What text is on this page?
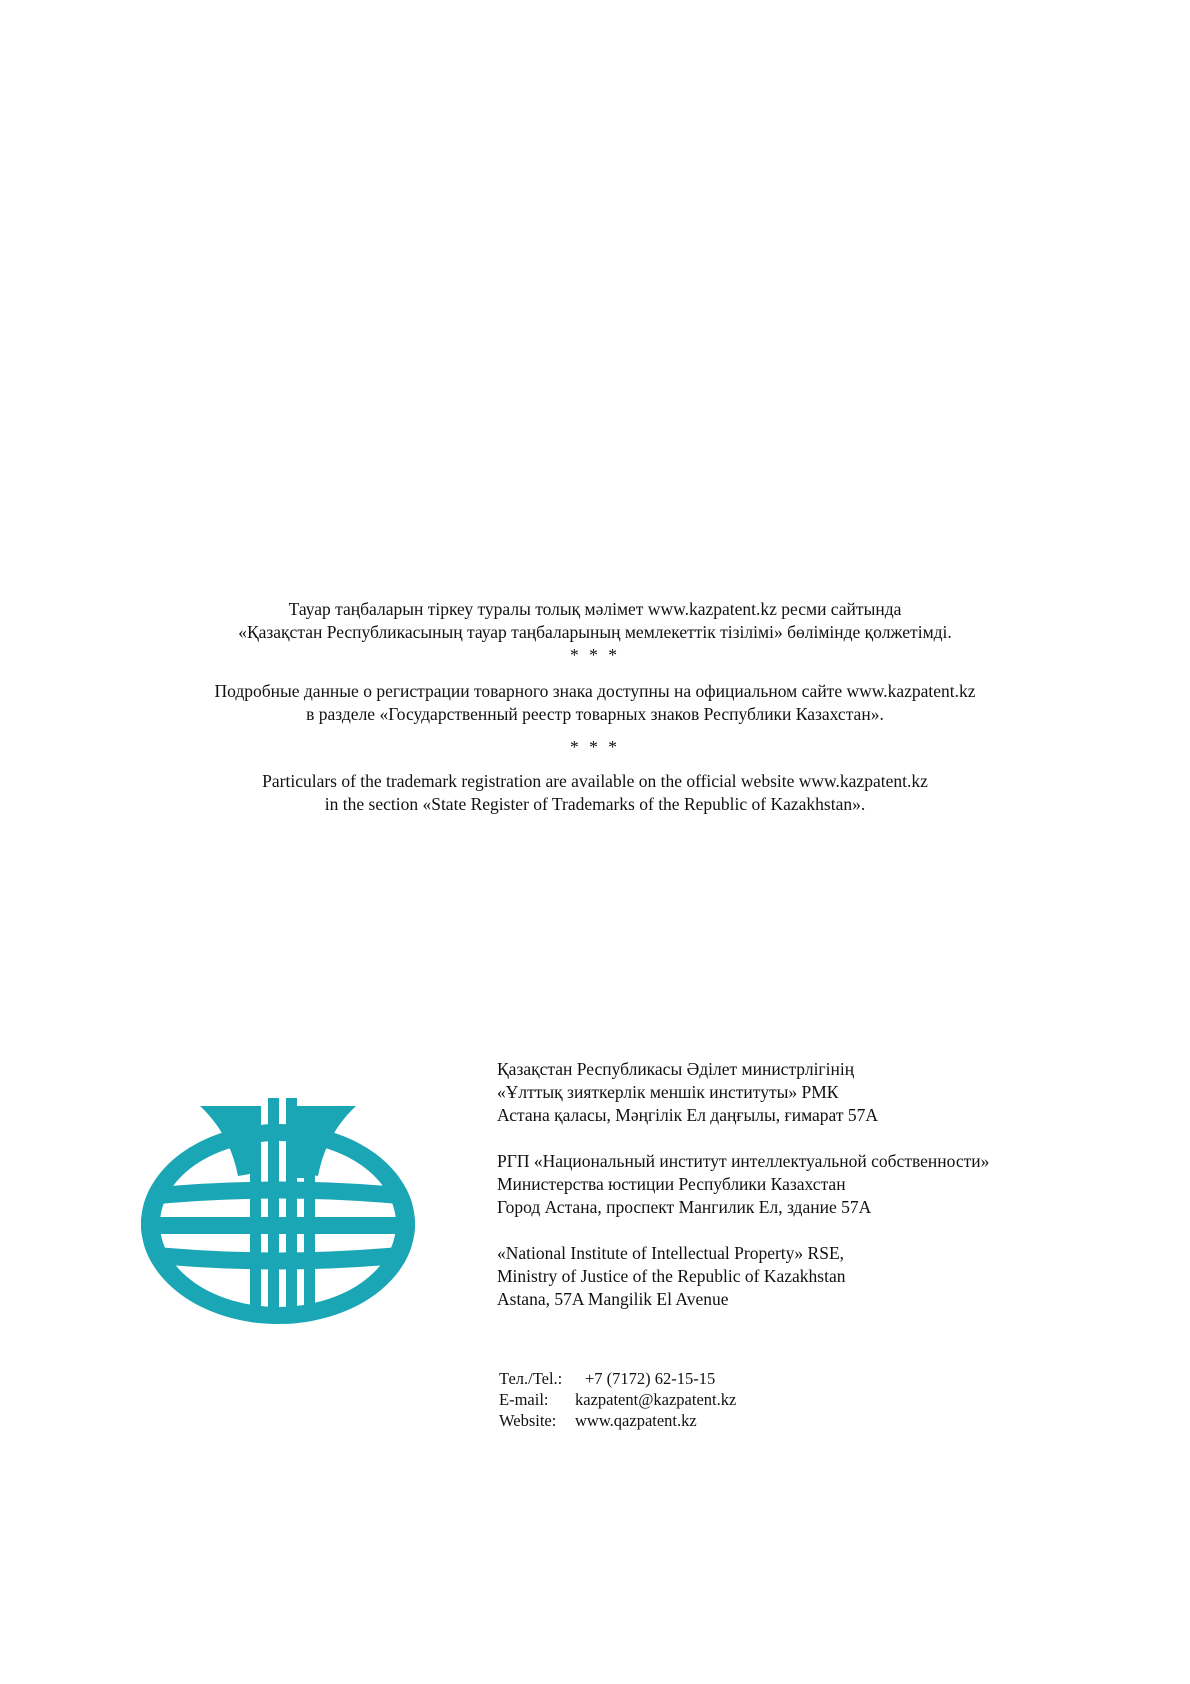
Тауар таңбаларын тіркеу туралы толық мәлімет www.kazpatent.kz ресми сайтында

«Қазақстан Республикасының тауар таңбаларының мемлекеттік тізілімі» бөлімінде қолжетімді.

* * *

Подробные данные о регистрации товарного знака доступны на официальном сайте www.kazpatent.kz

в разделе «Государственный реестр товарных знаков Республики Казахстан».

* * *

Particulars of the trademark registration are available on the official website www.kazpatent.kz

in the section «State Register of Trademarks of the Republic of Kazakhstan».

Қазақстан Республикасы Әділет министрлігінің

«Ұлттық зияткерлік меншік институты» РМК

Астана қаласы, Мәңгілік Ел даңғылы, ғимарат 57А

РГП «Национальный институт интеллектуальной собственности»

Министерства юстиции Республики Казахстан

Город Астана, проспект Мангилик Ел, здание 57А

«National Institute of Intellectual Property» RSE,

Ministry of Justice of the Republic of Kazakhstan

Astana, 57A Mangilik El Avenue

Тел./Tel.: +7 (7172) 62-15-15
E-mail: kazpatent@kazpatent.kz
Website: www.qazpatent.kz
